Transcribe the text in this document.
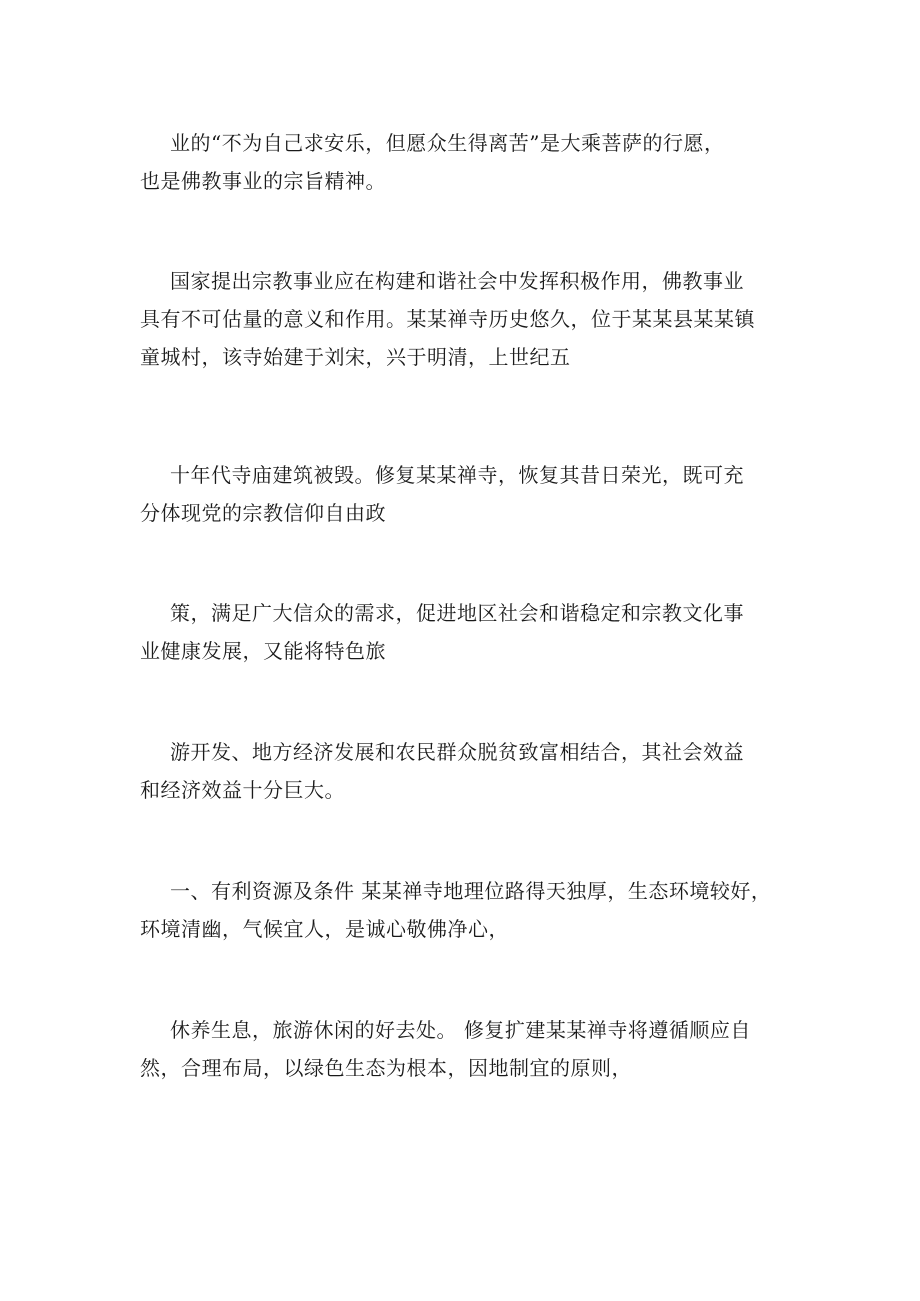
业的“不为自己求安乐，但愿众生得离苦”是大乘菩萨的行愿，
也是佛教事业的宗旨精神。

国家提出宗教事业应在构建和谐社会中发挥积极作用，佛教事业
具有不可估量的意义和作用。某某禅寺历史悠久，位于某某县某某镇
童城村，该寺始建于刘宋，兴于明清，上世纪五

十年代寺庙建筑被毁。修复某某禅寺，恢复其昔日荣光，既可充
分体现党的宗教信仰自由政

策，满足广大信众的需求，促进地区社会和谐稳定和宗教文化事
业健康发展，又能将特色旅

游开发、地方经济发展和农民群众脱贫致富相结合，其社会效益
和经济效益十分巨大。

一、有利资源及条件 某某禅寺地理位路得天独厚，生态环境较好，
环境清幽，气候宜人，是诚心敬佛净心，

休养生息，旅游休闲的好去处。 修复扩建某某禅寺将遵循顺应自
然，合理布局，以绿色生态为根本，因地制宜的原则，
